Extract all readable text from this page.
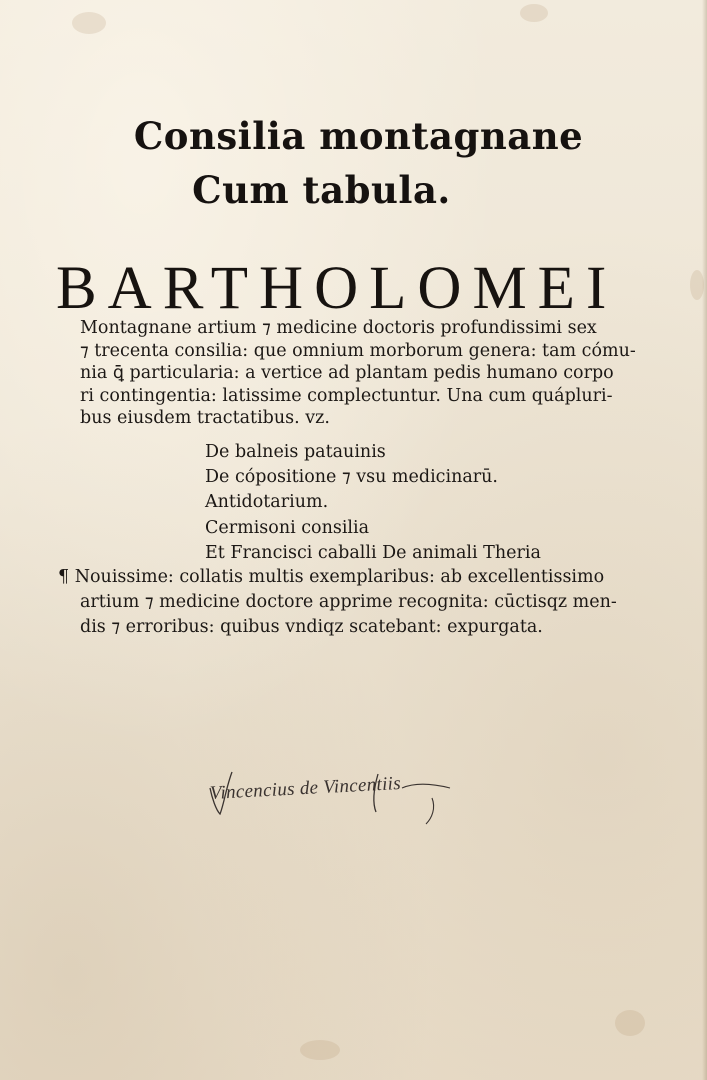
Consilia montagnane
Cum tabula.
BARTHOLOMEI
Montagnane artium ⁊ medicine doctoris profundissimi sex
⁊ trecenta consilia: que omnium morborum genera: tam cómu-
nia ꝗ̄ particularia: a vertice ad plantam pedis humano corpo
ri contingentia: latissime complectuntur. Una cum quápluri-
bus eiusdem tractatibus. vz.
De balneis patauinis
De cópositione ⁊ vsu medicinarū.
Antidotarium.
Cermisoni consilia
Et Francisci caballi De animali Theria
¶ Nouissime: collatis multis exemplaribus: ab excellentissimo
artium ⁊ medicine doctore apprime recognita: cūctisqz men-
dis ⁊ erroribus: quibus vndiqz scatebant: expurgata.
Vincencius de Vincentiis
